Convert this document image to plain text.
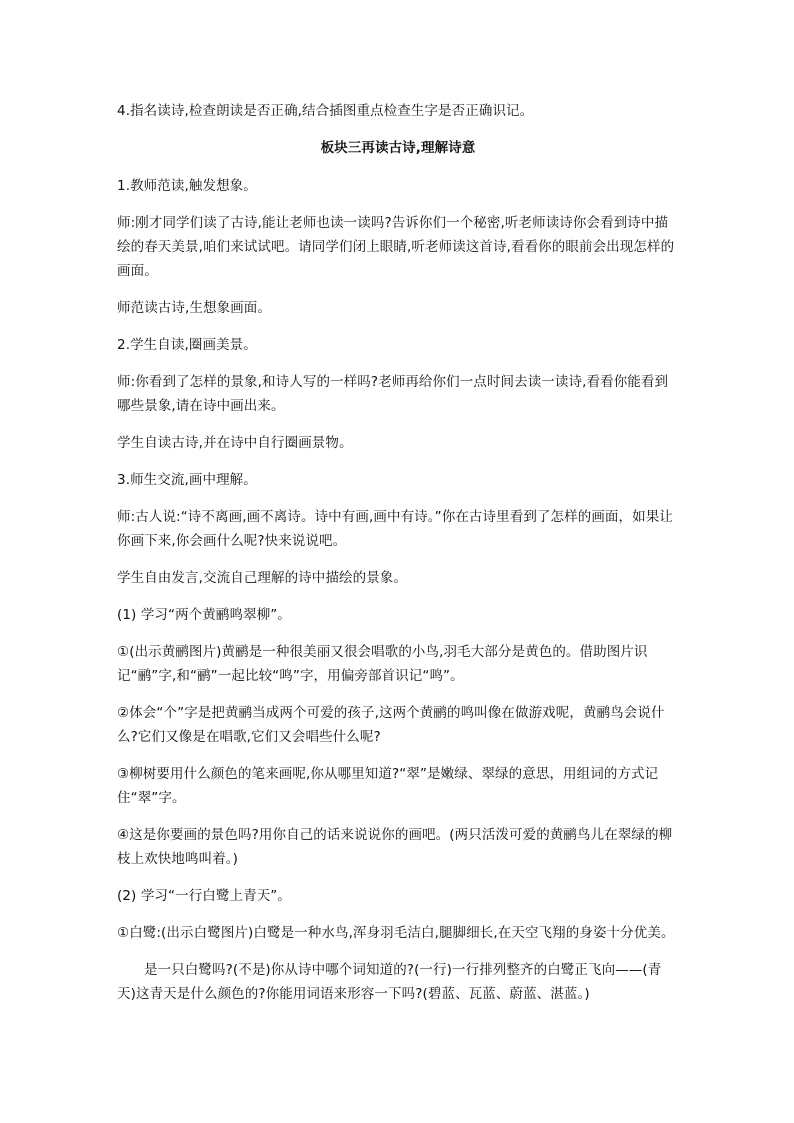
4.指名读诗,检查朗读是否正确,结合插图重点检查生字是否正确识记。

板块三再读古诗,理解诗意

1.教师范读,触发想象。

师:刚才同学们读了古诗,能让老师也读一读吗?告诉你们一个秘密,听老师读诗你会看到诗中描绘的春天美景,咱们来试试吧。请同学们闭上眼睛,听老师读这首诗,看看你的眼前会出现怎样的画面。

师范读古诗,生想象画面。

2.学生自读,圈画美景。

师:你看到了怎样的景象,和诗人写的一样吗?老师再给你们一点时间去读一读诗,看看你能看到哪些景象,请在诗中画出来。

学生自读古诗,并在诗中自行圈画景物。

3.师生交流,画中理解。

师:古人说:“诗不离画,画不离诗。诗中有画,画中有诗。”你在古诗里看到了怎样的画面，如果让你画下来,你会画什么呢?快来说说吧。

学生自由发言,交流自己理解的诗中描绘的景象。

(1) 学习“两个黄鹂鸣翠柳”。

①(出示黄鹂图片)黄鹂是一种很美丽又很会唱歌的小鸟,羽毛大部分是黄色的。借助图片识记“鹂”字,和“鹂”一起比较“鸣”字，用偏旁部首识记“鸣”。

②体会“个”字是把黄鹂当成两个可爱的孩子,这两个黄鹂的鸣叫像在做游戏呢，黄鹂鸟会说什么?它们又像是在唱歌,它们又会唱些什么呢?

③柳树要用什么颜色的笔来画呢,你从哪里知道?“翠”是嫩绿、翠绿的意思，用组词的方式记住“翠”字。

④这是你要画的景色吗?用你自己的话来说说你的画吧。(两只活泼可爱的黄鹂鸟儿在翠绿的柳枝上欢快地鸣叫着。)

(2) 学习“一行白鹭上青天”。

①白鹭:(出示白鹭图片)白鹭是一种水鸟,浑身羽毛洁白,腿脚细长,在天空飞翔的身姿十分优美。

是一只白鹭吗?(不是)你从诗中哪个词知道的?(一行)一行排列整齐的白鹭正飞向——(青天)这青天是什么颜色的?你能用词语来形容一下吗?(碧蓝、瓦蓝、蔚蓝、湛蓝。)
